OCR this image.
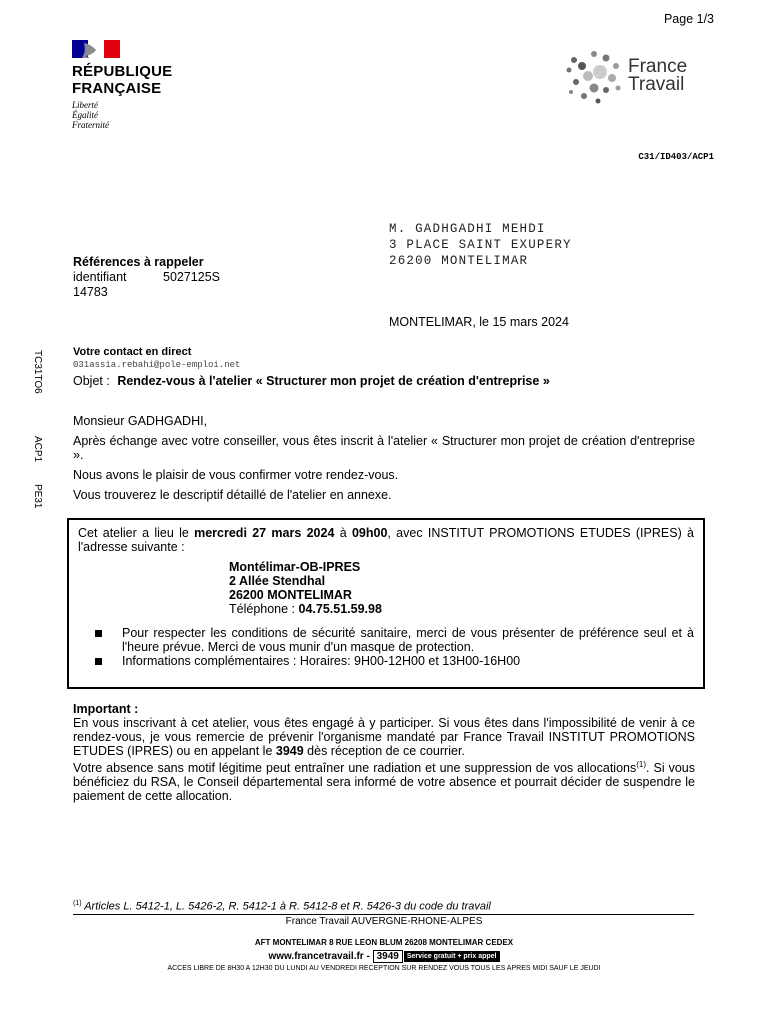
Page 1/3
RÉPUBLIQUE
FRANÇAISE
Liberté
Égalité
Fraternité
France
Travail
C31/ID403/ACP1
M. GADHGADHI MEHDI
3 PLACE SAINT EXUPERY
26200 MONTELIMAR
Références à rappeler
identifiant	5027125S
14783
MONTELIMAR, le 15 mars 2024
TC31TO6
ACP1
PE31
Votre contact en direct
031assia.rebahi@pole-emploi.net
Objet : Rendez-vous à l'atelier « Structurer mon projet de création d'entreprise »
Monsieur GADHGADHI,
Après échange avec votre conseiller, vous êtes inscrit à l'atelier « Structurer mon projet de création d'entreprise ».
Nous avons le plaisir de vous confirmer votre rendez-vous.
Vous trouverez le descriptif détaillé de l'atelier en annexe.
Cet atelier a lieu le mercredi 27 mars 2024 à 09h00, avec INSTITUT PROMOTIONS ETUDES (IPRES) à l'adresse suivante :
Montélimar-OB-IPRES
2 Allée Stendhal
26200 MONTELIMAR
Téléphone : 04.75.51.59.98
Pour respecter les conditions de sécurité sanitaire, merci de vous présenter de préférence seul et à l'heure prévue. Merci de vous munir d'un masque de protection.
Informations complémentaires : Horaires: 9H00-12H00 et 13H00-16H00
Important :
En vous inscrivant à cet atelier, vous êtes engagé à y participer. Si vous êtes dans l'impossibilité de venir à ce rendez-vous, je vous remercie de prévenir l'organisme mandaté par France Travail INSTITUT PROMOTIONS ETUDES (IPRES) ou en appelant le 3949 dès réception de ce courrier.
Votre absence sans motif légitime peut entraîner une radiation et une suppression de vos allocations$^{(1)}$. Si vous bénéficiez du RSA, le Conseil départemental sera informé de votre absence et pourrait décider de suspendre le paiement de cette allocation.
$^{(1)}$ Articles L. 5412-1, L. 5426-2, R. 5412-1 à R. 5412-8 et R. 5426-3 du code du travail
France Travail AUVERGNE-RHONE-ALPES
AFT MONTELIMAR 8 RUE LEON BLUM 26208 MONTELIMAR CEDEX
www.francetravail.fr - 3949 Service gratuit + prix appel
ACCES LIBRE DE 8H30 A 12H30 DU LUNDI AU VENDREDI RECEPTION SUR RENDEZ VOUS TOUS LES APRES MIDI SAUF LE JEUDI
